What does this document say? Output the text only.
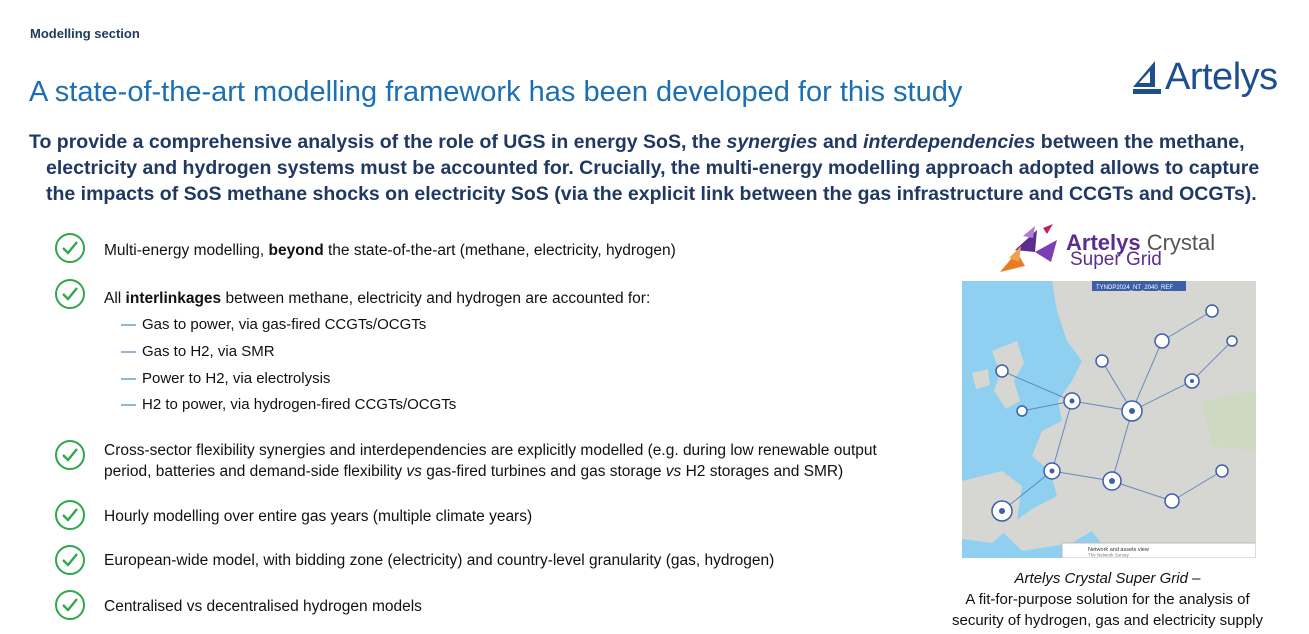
Modelling section
Artelys
A state-of-the-art modelling framework has been developed for this study
To provide a comprehensive analysis of the role of UGS in energy SoS, the synergies and interdependencies between the methane, electricity and hydrogen systems must be accounted for. Crucially, the multi-energy modelling approach adopted allows to capture the impacts of SoS methane shocks on electricity SoS (via the explicit link between the gas infrastructure and CCGTs and OCGTs).
Multi-energy modelling, beyond the state-of-the-art (methane, electricity, hydrogen)
All interlinkages between methane, electricity and hydrogen are accounted for:
— Gas to power, via gas-fired CCGTs/OCGTs
— Gas to H2, via SMR
— Power to H2, via electrolysis
— H2 to power, via hydrogen-fired CCGTs/OCGTs
Cross-sector flexibility synergies and interdependencies are explicitly modelled (e.g. during low renewable output period, batteries and demand-side flexibility vs gas-fired turbines and gas storage vs H2 storages and SMR)
Hourly modelling over entire gas years (multiple climate years)
European-wide model, with bidding zone (electricity) and country-level granularity (gas, hydrogen)
Centralised vs decentralised hydrogen models
Artelys Crystal
Super Grid
TYNDP2024_NT_2040_REF
Network and assets view
The Network Survey
Artelys Crystal Super Grid –
A fit-for-purpose solution for the analysis of
security of hydrogen, gas and electricity supply
